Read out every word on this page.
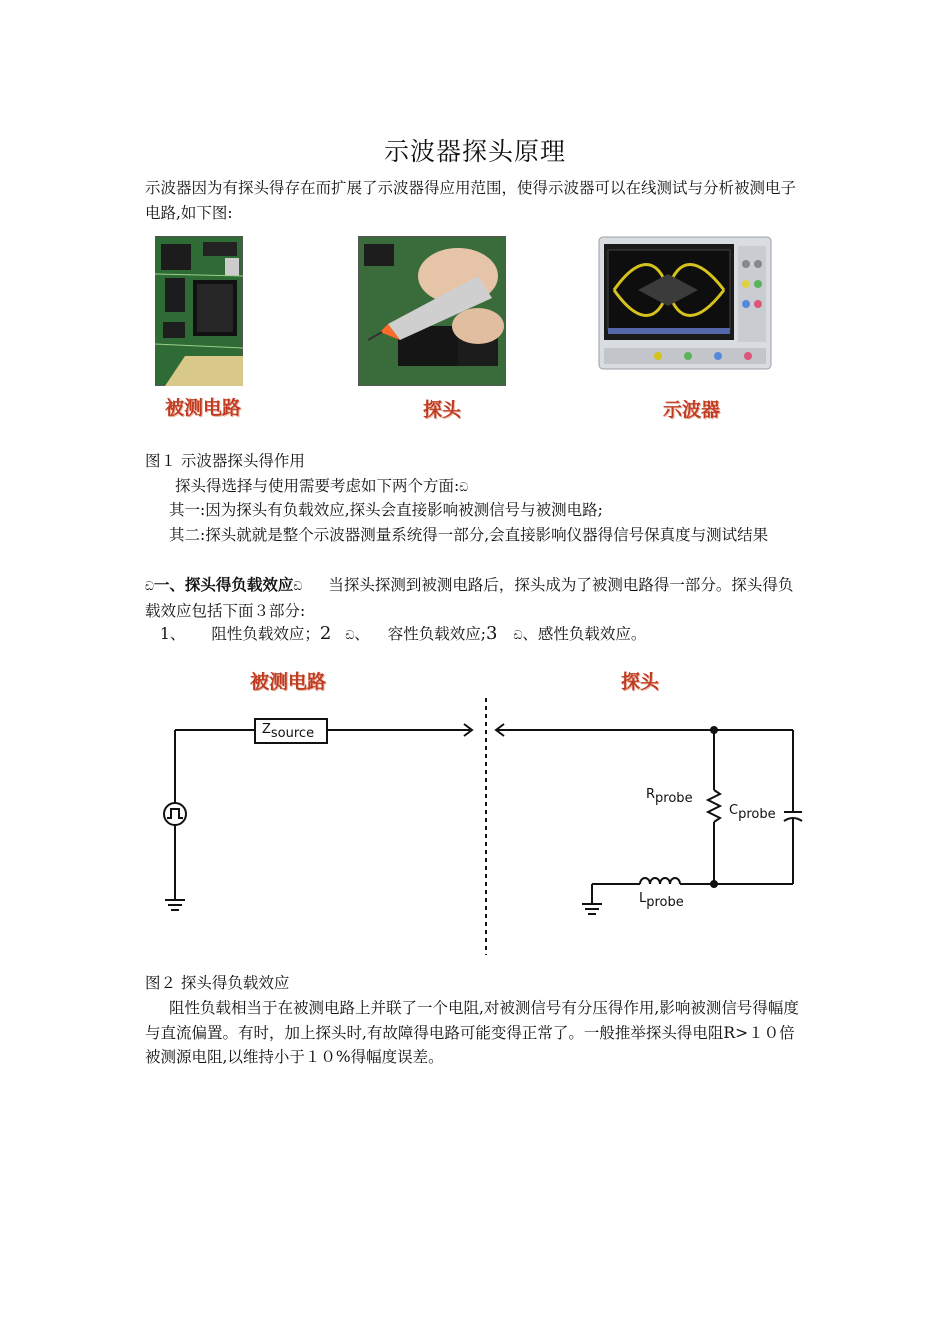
示波器探头原理
示波器因为有探头得存在而扩展了示波器得应用范围，使得示波器可以在线测试与分析被测电子电路,如下图:
被测电路	探头	示波器
图１ 示波器探头得作用
探头得选择与使用需要考虑如下两个方面:ඩ
其一:因为探头有负载效应,探头会直接影响被测信号与被测电路;
其二:探头就就是整个示波器测量系统得一部分,会直接影响仪器得信号保真度与测试结果
ඩ一、探头得负载效应ඩ 当探头探测到被测电路后，探头成为了被测电路得一部分。探头得负载效应包括下面３部分:
1、 阻性负载效应；2 ඩ、 容性负载效应;3 ඩ、感性负载效应。
被测电路	探头
Zsource
Rprobe
Cprobe
Lprobe
图２ 探头得负载效应
阻性负载相当于在被测电路上并联了一个电阻,对被测信号有分压得作用,影响被测信号得幅度与直流偏置。有时，加上探头时,有故障得电路可能变得正常了。一般推举探头得电阻R>１０倍被测源电阻,以维持小于１０%得幅度误差。
